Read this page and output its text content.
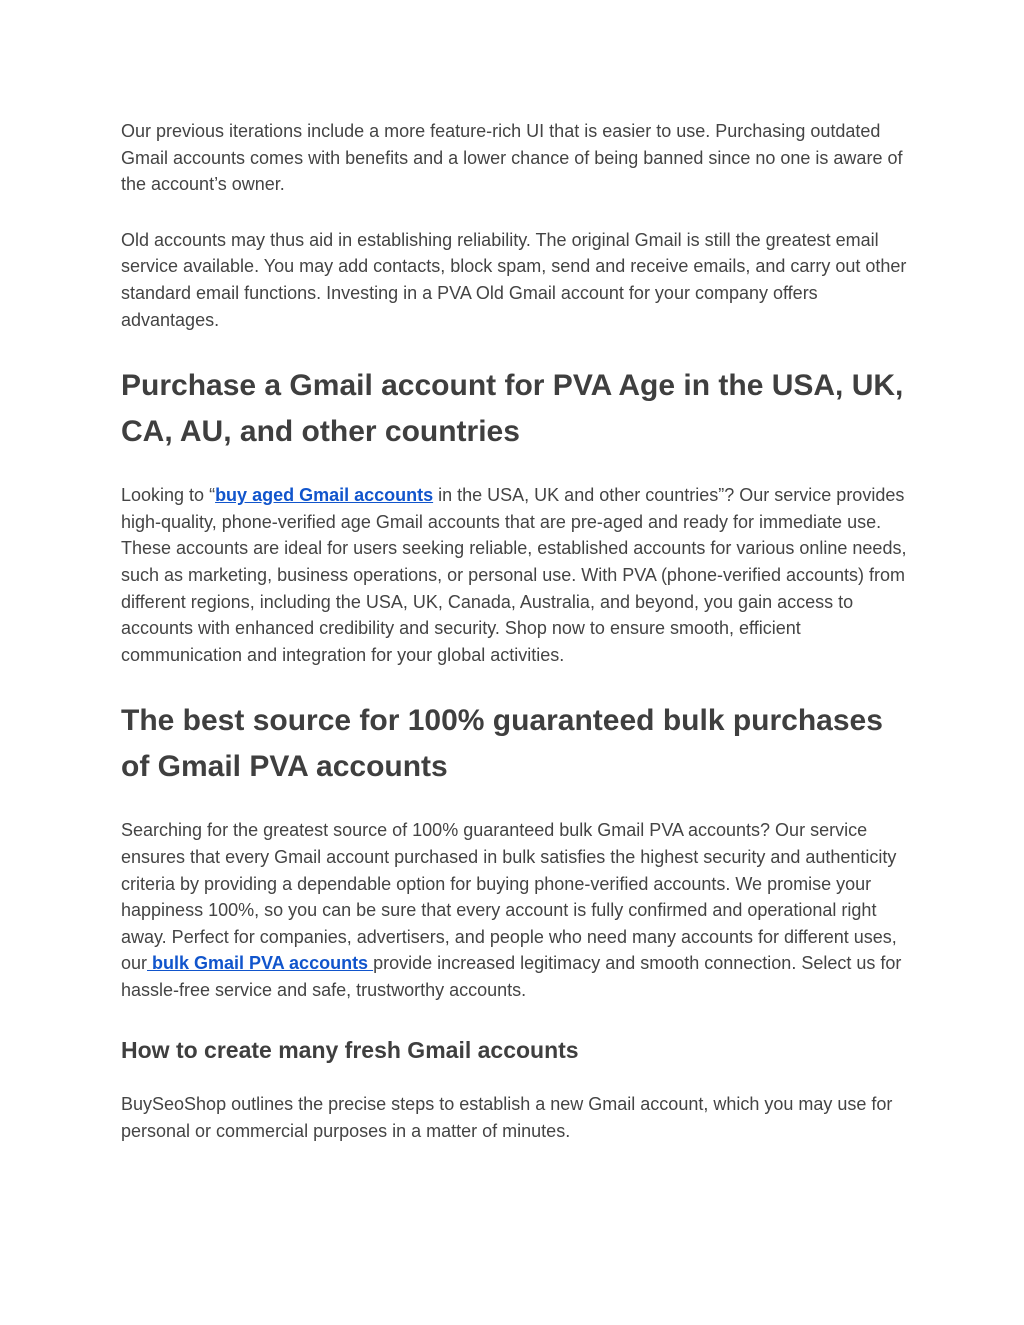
Our previous iterations include a more feature-rich UI that is easier to use. Purchasing outdated Gmail accounts comes with benefits and a lower chance of being banned since no one is aware of the account’s owner.

Old accounts may thus aid in establishing reliability. The original Gmail is still the greatest email service available. You may add contacts, block spam, send and receive emails, and carry out other standard email functions. Investing in a PVA Old Gmail account for your company offers advantages.

Purchase a Gmail account for PVA Age in the USA, UK, CA, AU, and other countries

Looking to “buy aged Gmail accounts in the USA, UK and other countries”? Our service provides high-quality, phone-verified age Gmail accounts that are pre-aged and ready for immediate use. These accounts are ideal for users seeking reliable, established accounts for various online needs, such as marketing, business operations, or personal use. With PVA (phone-verified accounts) from different regions, including the USA, UK, Canada, Australia, and beyond, you gain access to accounts with enhanced credibility and security. Shop now to ensure smooth, efficient communication and integration for your global activities.

The best source for 100% guaranteed bulk purchases of Gmail PVA accounts

Searching for the greatest source of 100% guaranteed bulk Gmail PVA accounts? Our service ensures that every Gmail account purchased in bulk satisfies the highest security and authenticity criteria by providing a dependable option for buying phone-verified accounts. We promise your happiness 100%, so you can be sure that every account is fully confirmed and operational right away. Perfect for companies, advertisers, and people who need many accounts for different uses, our bulk Gmail PVA accounts provide increased legitimacy and smooth connection. Select us for hassle-free service and safe, trustworthy accounts.

How to create many fresh Gmail accounts

BuySeoShop outlines the precise steps to establish a new Gmail account, which you may use for personal or commercial purposes in a matter of minutes.
